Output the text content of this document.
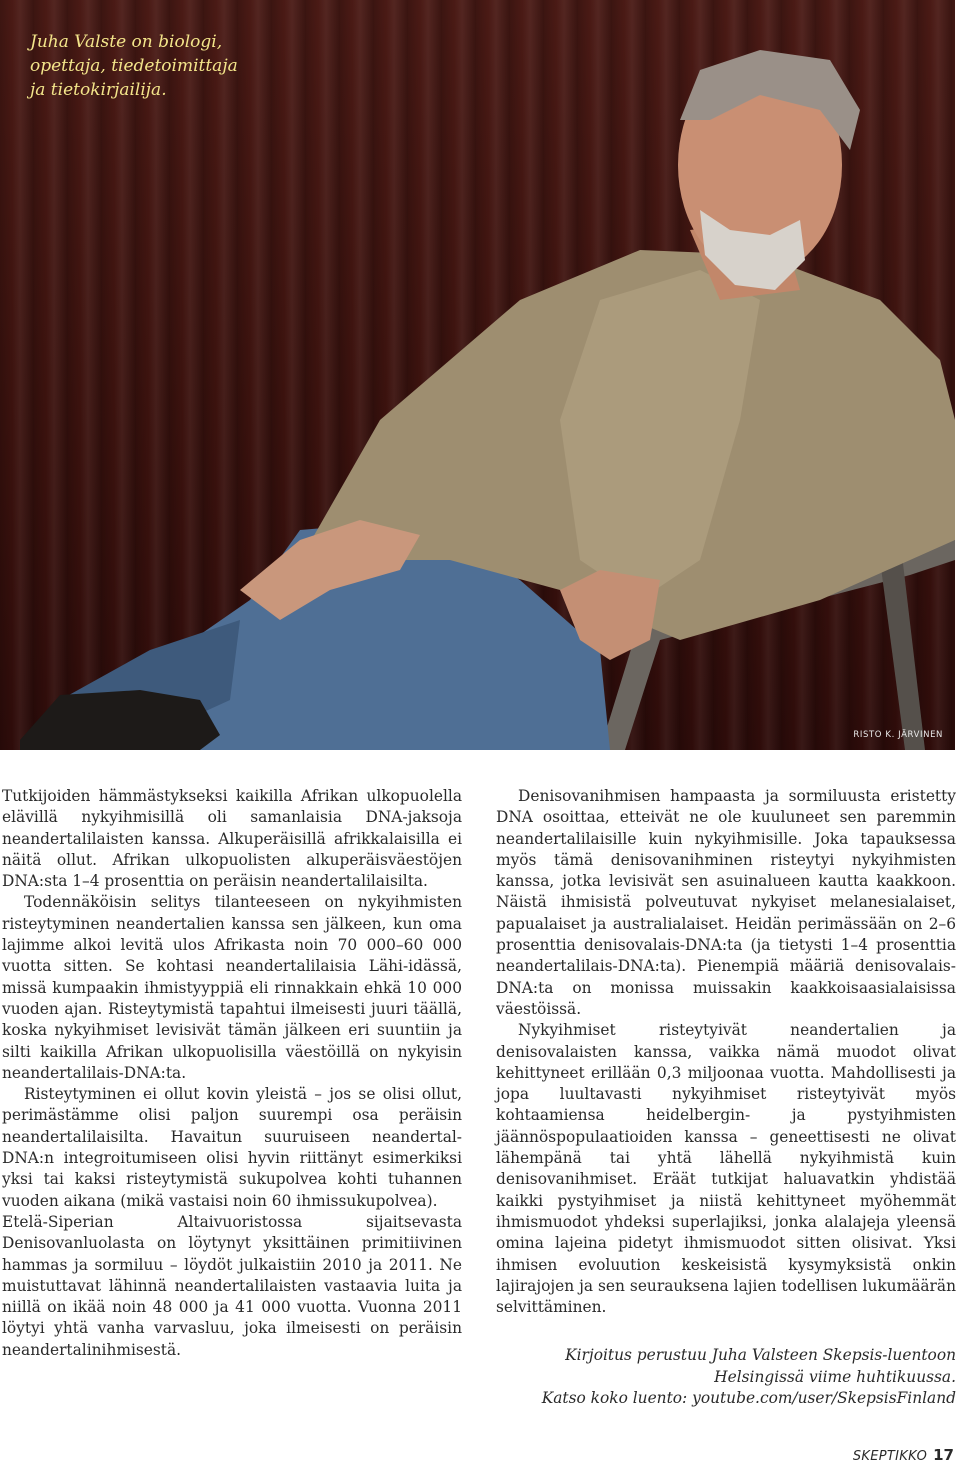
Juha Valste on biologi,
opettaja, tiedetoimittaja
ja tietokirjailija.
RISTO K. JÄRVINEN

Tutkijoiden hämmästykseksi kaikilla Afrikan ulkopuolella elävillä nykyihmisillä oli samanlaisia DNA-jaksoja neandertalilaisten kanssa. Alkuperäisillä afrikkalaisilla ei näitä ollut. Afrikan ulkopuolisten alkuperäisväestöjen DNA:sta 1–4 prosenttia on peräisin neandertalilaisilta.

Todennäköisin selitys tilanteeseen on nykyihmisten risteytyminen neandertalien kanssa sen jälkeen, kun oma lajimme alkoi levitä ulos Afrikasta noin 70 000–60 000 vuotta sitten. Se kohtasi neandertalilaisia Lähi-idässä, missä kumpaakin ihmistyyppiä eli rinnakkain ehkä 10 000 vuoden ajan. Risteytymistä tapahtui ilmeisesti juuri täällä, koska nykyihmiset levisivät tämän jälkeen eri suuntiin ja silti kaikilla Afrikan ulkopuolisilla väestöillä on nykyisin neandertalilais-DNA:ta.

Risteytyminen ei ollut kovin yleistä – jos se olisi ollut, perimästämme olisi paljon suurempi osa peräisin neandertalilaisilta. Havaitun suuruiseen neandertal-DNA:n integroitumiseen olisi hyvin riittänyt esimerkiksi yksi tai kaksi risteytymistä sukupolvea kohti tuhannen vuoden aikana (mikä vastaisi noin 60 ihmissukupolvea).

Etelä-Siperian Altaivuoristossa sijaitsevasta Denisovanluolasta on löytynyt yksittäinen primitiivinen hammas ja sormiluu – löydöt julkaistiin 2010 ja 2011. Ne muistuttavat lähinnä neandertalilaisten vastaavia luita ja niillä on ikää noin 48 000 ja 41 000 vuotta. Vuonna 2011 löytyi yhtä vanha varvasluu, joka ilmeisesti on peräisin neandertalinihmisestä.

Denisovanihmisen hampaasta ja sormiluusta eristetty DNA osoittaa, etteivät ne ole kuuluneet sen paremmin neandertalilaisille kuin nykyihmisille. Joka tapauksessa myös tämä denisovanihminen risteytyi nykyihmisten kanssa, jotka levisivät sen asuinalueen kautta kaakkoon. Näistä ihmisistä polveutuvat nykyiset melanesialaiset, papualaiset ja australialaiset. Heidän perimässään on 2–6 prosenttia denisovalais-DNA:ta (ja tietysti 1–4 prosenttia neandertalilais-DNA:ta). Pienempiä määriä denisovalais-DNA:ta on monissa muissakin kaakkoisaasialaisissa väestöissä.

Nykyihmiset risteytyivät neandertalien ja denisovalaisten kanssa, vaikka nämä muodot olivat kehittyneet erillään 0,3 miljoonaa vuotta. Mahdollisesti ja jopa luultavasti nykyihmiset risteytyivät myös kohtaamiensa heidelbergin- ja pystyihmisten jäännöspopulaatioiden kanssa – geneettisesti ne olivat lähempänä tai yhtä lähellä nykyihmistä kuin denisovanihmiset. Eräät tutkijat haluavatkin yhdistää kaikki pystyihmiset ja niistä kehittyneet myöhemmät ihmismuodot yhdeksi superlajiksi, jonka alalajeja yleensä omina lajeina pidetyt ihmismuodot sitten olisivat. Yksi ihmisen evoluution keskeisistä kysymyksistä onkin lajirajojen ja sen seurauksena lajien todellisen lukumäärän selvittäminen.

Kirjoitus perustuu Juha Valsteen Skepsis-luentoon
Helsingissä viime huhtikuussa.
Katso koko luento: youtube.com/user/SkepsisFinland
SKEPTIKKO 17
